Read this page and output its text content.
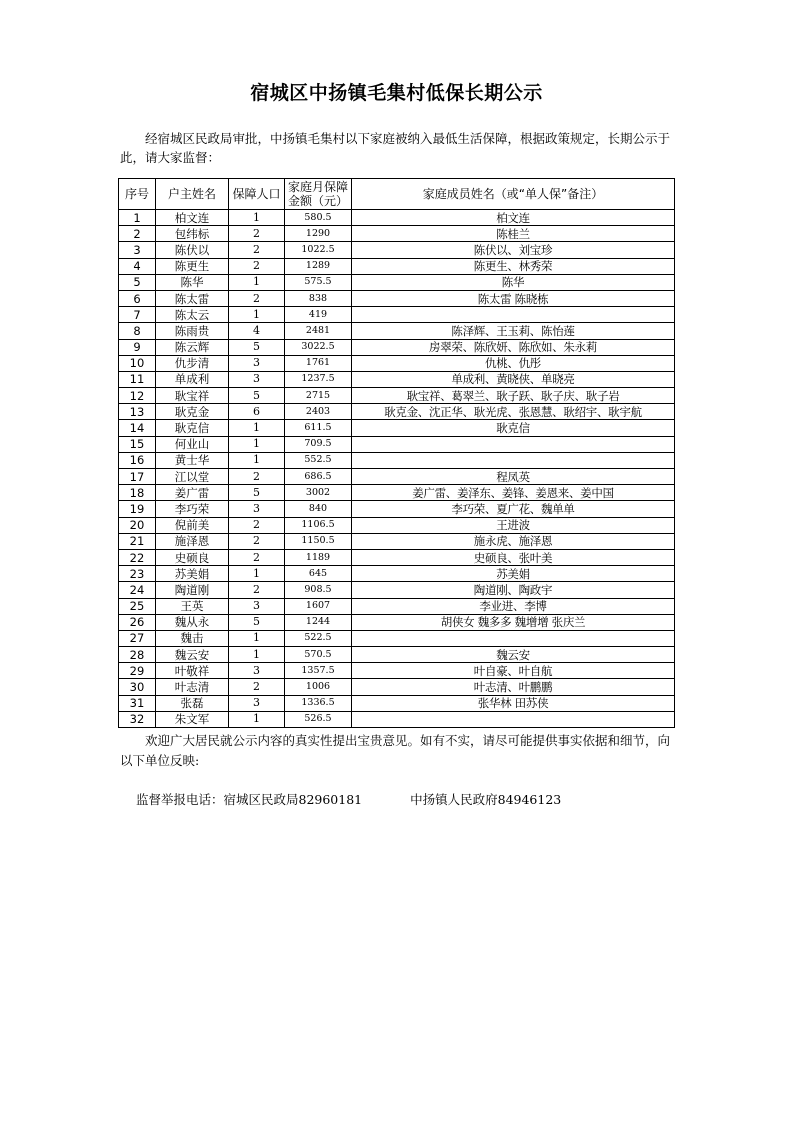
宿城区中扬镇毛集村低保长期公示
经宿城区民政局审批，中扬镇毛集村以下家庭被纳入最低生活保障，根据政策规定，长期公示于此，请大家监督：
序号	户主姓名	保障人口	家庭月保障金额（元）	家庭成员姓名（或“单人保”备注）
1	柏文连	1	580.5	柏文连
2	包纬标	2	1290	陈桂兰
3	陈伏以	2	1022.5	陈伏以、刘宝珍
4	陈更生	2	1289	陈更生、林秀荣
5	陈华	1	575.5	陈华
6	陈太雷	2	838	陈太雷 陈晓栋
7	陈太云	1	419	
8	陈雨贵	4	2481	陈泽辉、王玉莉、陈怡莲
9	陈云辉	5	3022.5	房翠荣、陈欣妍、陈欣如、朱永莉
10	仇步清	3	1761	仇桃、仇彤
11	单成利	3	1237.5	单成利、黄晓侠、单晓亮
12	耿宝祥	5	2715	耿宝祥、葛翠兰、耿子跃、耿子庆、耿子岩
13	耿克金	6	2403	耿克金、沈正华、耿光虎、张恩慧、耿绍宇、耿宇航
14	耿克信	1	611.5	耿克信
15	何业山	1	709.5	
16	黄士华	1	552.5	
17	江以堂	2	686.5	程凤英
18	姜广雷	5	3002	姜广雷、姜泽东、姜锋、姜恩来、姜中国
19	李巧荣	3	840	李巧荣、夏广花、魏单单
20	倪前美	2	1106.5	王进波
21	施泽恩	2	1150.5	施永虎、施泽恩
22	史硕良	2	1189	史硕良、张叶美
23	苏美娟	1	645	苏美娟
24	陶道刚	2	908.5	陶道刚、陶政宇
25	王英	3	1607	李业进、李博
26	魏从永	5	1244	胡侠女 魏多多 魏增增 张庆兰
27	魏击	1	522.5	
28	魏云安	1	570.5	魏云安
29	叶敬祥	3	1357.5	叶自豪、叶自航
30	叶志清	2	1006	叶志清、叶鹏鹏
31	张磊	3	1336.5	张华林 田苏侠
32	朱文军	1	526.5	
欢迎广大居民就公示内容的真实性提出宝贵意见。如有不实，请尽可能提供事实依据和细节，向以下单位反映:
监督举报电话：宿城区民政局82960181	中扬镇人民政府84946123
